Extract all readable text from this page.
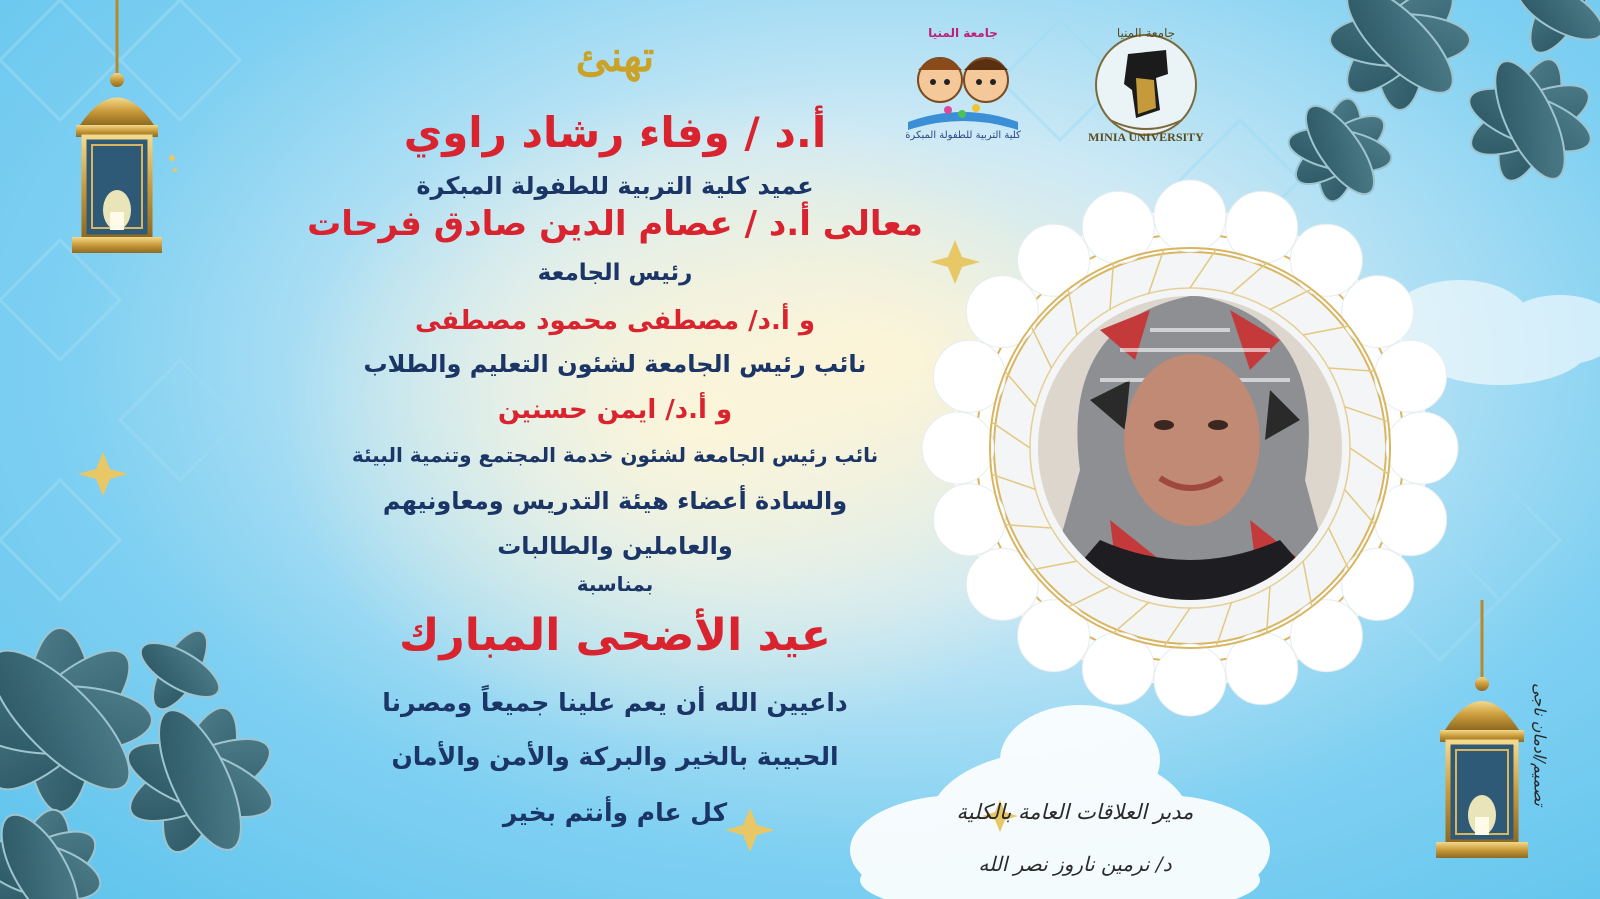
جامعة المنيا
MINIA UNIVERSITY
جامعة المنيا
كلية التربية للطفولة المبكرة
تهنئ
أ.د / وفاء رشاد راوي
عميد كلية التربية للطفولة المبكرة
معالى أ.د / عصام الدين صادق فرحات
رئيس الجامعة
و أ.د/ مصطفى محمود مصطفى
نائب رئيس الجامعة لشئون التعليم والطلاب
و أ.د/ ايمن حسنين
نائب رئيس الجامعة لشئون خدمة المجتمع وتنمية البيئة
والسادة أعضاء هيئة التدريس ومعاونيهم
والعاملين والطالبات
بمناسبة
عيد الأضحى المبارك
داعيين الله أن يعم علينا جميعاً ومصرنا
الحبيبة بالخير والبركة والأمن والأمان
كل عام وأنتم بخير	مدير العلاقات العامة بالكلية
د/ نرمين ناروز نصر الله
تصميم/ادمان ناجى
